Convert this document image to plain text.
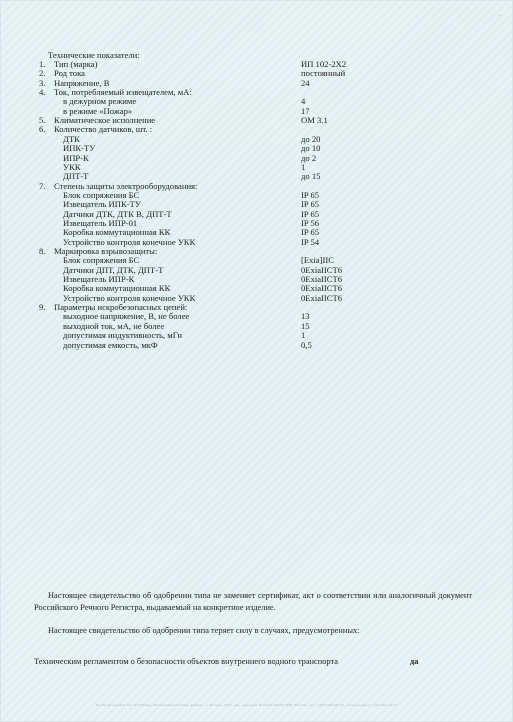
⌐
Технические показатели:
1. Тип (марка)	ИП 102-2Х2
2. Род тока	постоянный
3. Напряжение, В	24
4. Ток, потребляемый извещателем, мА:
в дежурном режиме	4
в режиме «Пожар»	17
5. Климатическое исполнение	ОМ 3.1
6. Количество датчиков, шт. :
ДТК	до 20
ИПК-ТУ	до 10
ИПР-К	до 2
УКК	1
ДПТ-Т	до 15
7. Степень защиты электрооборудования:
Блок сопряжения БС	IP 65
Извещатель ИПК-ТУ	IP 65
Датчики ДТК, ДТК В, ДПТ-Т	IP 65
Извещатель ИПР-01	IP 56
Коробка коммутационная КК	IP 65
Устройство контроля конечное УКК	IP 54
8. Маркировка взрывозащиты:
Блок сопряжения БС	[Exia]IIC
Датчики ДПТ, ДТК, ДПТ-Т	0ExiaIICT6
Извещатель ИПР-К	0ExiaIICT6
Коробка коммутационная КК	0ExiaIICT6
Устройство контроля конечное УКК	0ExiaIICT6
9. Параметры искробезопасных цепей:
выходное напряжение, В, не более	13
выходной ток, мА, не более	15
допустимая индуктивность, мГн	1
допустимая емкость, мкФ	0,5
Настоящее свидетельство об одобрении типа не заменяет сертификат, акт о соответствии или аналогичный документ Российского Речного Регистра, выдаваемый на конкретное изделие.
Настоящее свидетельство об одобрении типа теряет силу в случаях, предусмотренных:
Техническим регламентом о безопасности объектов внутреннего водного транспорта	да
Бланк изготовлен АО «ГОЗНАК», Московская печатная фабрика. г. Москва, 2015, «Б», лицензия № 04-05-00/003 ФНС России, тел.: (495) 000-00-00, www.goznak.ru | Москва, 2015 г.
